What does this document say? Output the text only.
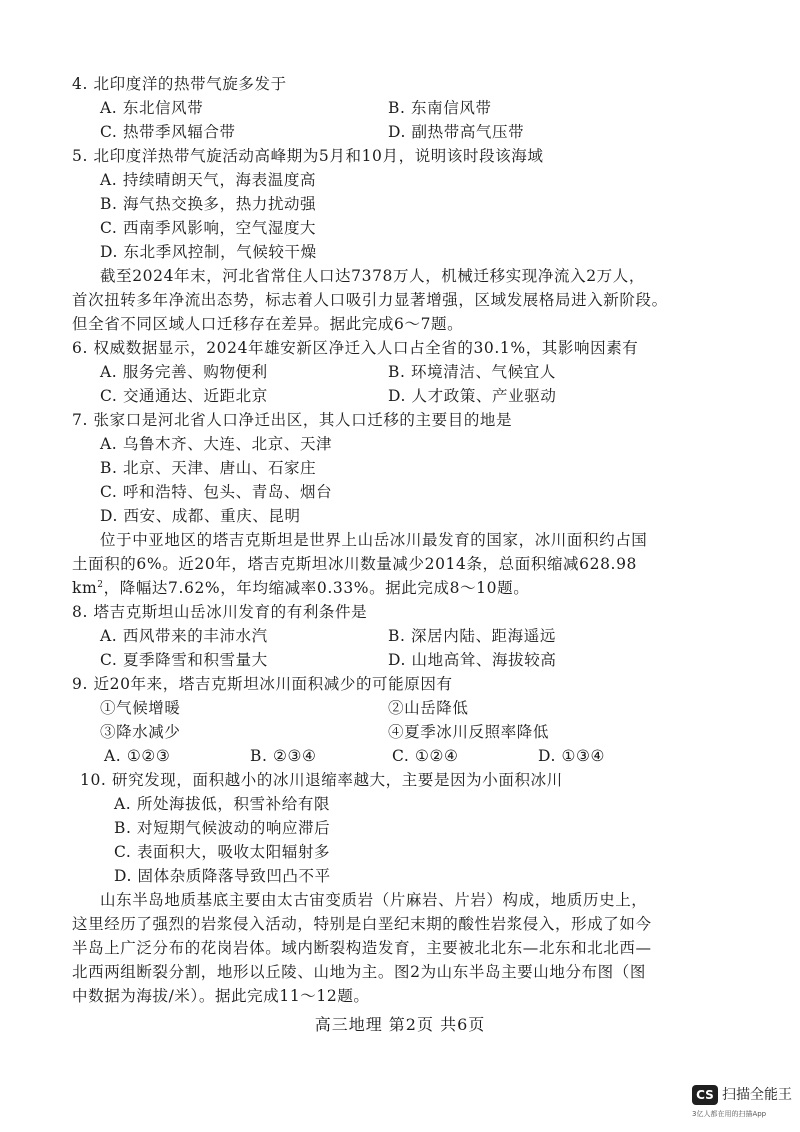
4. 北印度洋的热带气旋多发于
A. 东北信风带	B. 东南信风带
C. 热带季风辐合带	D. 副热带高气压带
5. 北印度洋热带气旋活动高峰期为5月和10月，说明该时段该海域
A. 持续晴朗天气，海表温度高
B. 海气热交换多，热力扰动强
C. 西南季风影响，空气湿度大
D. 东北季风控制，气候较干燥
截至2024年末，河北省常住人口达7378万人，机械迁移实现净流入2万人，
首次扭转多年净流出态势，标志着人口吸引力显著增强，区域发展格局进入新阶段。
但全省不同区域人口迁移存在差异。据此完成6～7题。
6. 权威数据显示，2024年雄安新区净迁入人口占全省的30.1%，其影响因素有
A. 服务完善、购物便利	B. 环境清洁、气候宜人
C. 交通通达、近距北京	D. 人才政策、产业驱动
7. 张家口是河北省人口净迁出区，其人口迁移的主要目的地是
A. 乌鲁木齐、大连、北京、天津
B. 北京、天津、唐山、石家庄
C. 呼和浩特、包头、青岛、烟台
D. 西安、成都、重庆、昆明
位于中亚地区的塔吉克斯坦是世界上山岳冰川最发育的国家，冰川面积约占国
土面积的6%。近20年，塔吉克斯坦冰川数量减少2014条，总面积缩减628.98
$km^2$，降幅达7.62%，年均缩减率0.33%。据此完成8～10题。
8. 塔吉克斯坦山岳冰川发育的有利条件是
A. 西风带来的丰沛水汽	B. 深居内陆、距海遥远
C. 夏季降雪和积雪量大	D. 山地高耸、海拔较高
9. 近20年来，塔吉克斯坦冰川面积减少的可能原因有
①气候增暖	②山岳降低
③降水减少	④夏季冰川反照率降低
A. ①②③	B. ②③④	C. ①②④	D. ①③④
10. 研究发现，面积越小的冰川退缩率越大，主要是因为小面积冰川
A. 所处海拔低，积雪补给有限
B. 对短期气候波动的响应滞后
C. 表面积大，吸收太阳辐射多
D. 固体杂质降落导致凹凸不平
山东半岛地质基底主要由太古宙变质岩（片麻岩、片岩）构成，地质历史上，
这里经历了强烈的岩浆侵入活动，特别是白垩纪末期的酸性岩浆侵入，形成了如今
半岛上广泛分布的花岗岩体。域内断裂构造发育，主要被北北东—北东和北北西—
北西两组断裂分割，地形以丘陵、山地为主。图2为山东半岛主要山地分布图（图
中数据为海拔/米）。据此完成11～12题。
高三地理 第2页 共6页
CS 扫描全能王
3亿人都在用的扫描App
